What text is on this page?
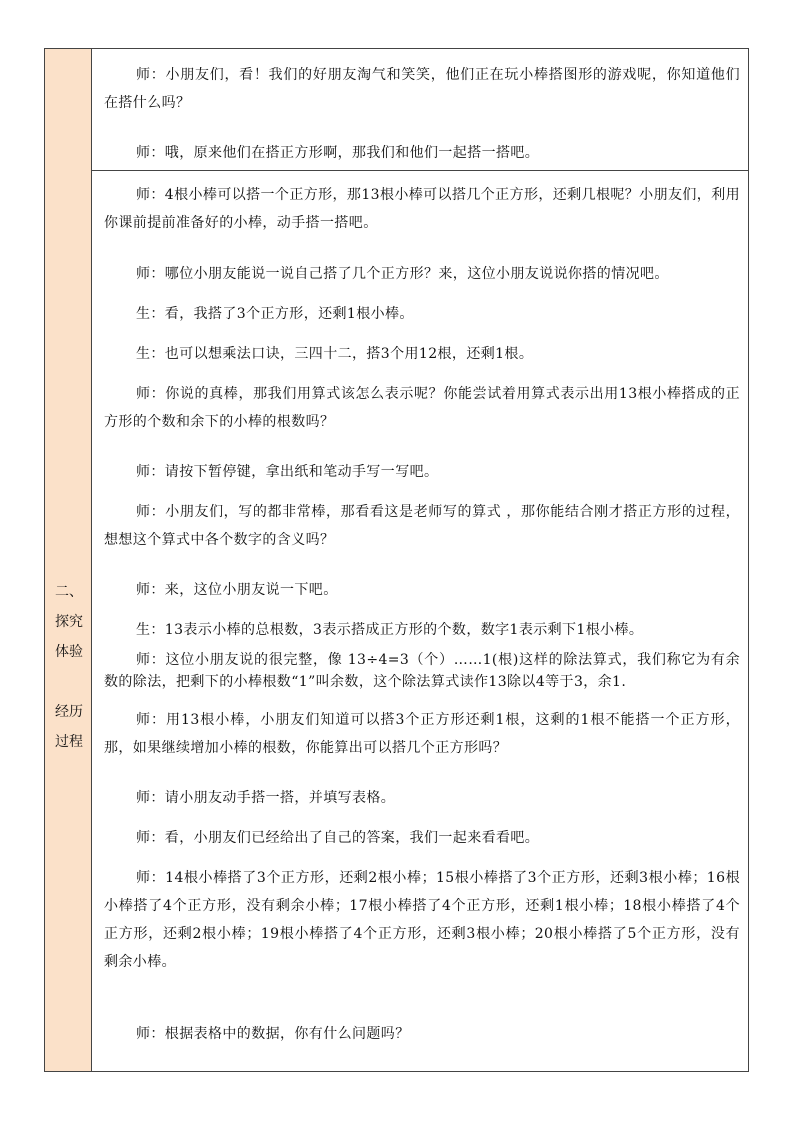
师：小朋友们，看！我们的好朋友淘气和笑笑，他们正在玩小棒搭图形的游戏呢，你知道他们在搭什么吗？

师：哦，原来他们在搭正方形啊，那我们和他们一起搭一搭吧。

二、
探究
体验
经历
过程

师：4根小棒可以搭一个正方形，那13根小棒可以搭几个正方形，还剩几根呢？小朋友们，利用你课前提前准备好的小棒，动手搭一搭吧。

师：哪位小朋友能说一说自己搭了几个正方形？来，这位小朋友说说你搭的情况吧。

生：看，我搭了3个正方形，还剩1根小棒。

生：也可以想乘法口诀，三四十二，搭3个用12根，还剩1根。

师：你说的真棒，那我们用算式该怎么表示呢？你能尝试着用算式表示出用13根小棒搭成的正方形的个数和余下的小棒的根数吗？

师：请按下暂停键，拿出纸和笔动手写一写吧。

师：小朋友们，写的都非常棒，那看看这是老师写的算式 ，那你能结合刚才搭正方形的过程，想想这个算式中各个数字的含义吗？

师：来，这位小朋友说一下吧。

生：13表示小棒的总根数，3表示搭成正方形的个数，数字1表示剩下1根小棒。

师：这位小朋友说的很完整，像 13÷4=3（个）……1(根)这样的除法算式，我们称它为有余数的除法，把剩下的小棒根数“1”叫余数，这个除法算式读作13除以4等于3，余1.

师：用13根小棒，小朋友们知道可以搭3个正方形还剩1根，这剩的1根不能搭一个正方形，那，如果继续增加小棒的根数，你能算出可以搭几个正方形吗？

师：请小朋友动手搭一搭，并填写表格。

师：看，小朋友们已经给出了自己的答案，我们一起来看看吧。

师：14根小棒搭了3个正方形，还剩2根小棒；15根小棒搭了3个正方形，还剩3根小棒；16根小棒搭了4个正方形，没有剩余小棒；17根小棒搭了4个正方形，还剩1根小棒；18根小棒搭了4个正方形，还剩2根小棒；19根小棒搭了4个正方形，还剩3根小棒；20根小棒搭了5个正方形，没有剩余小棒。

师：根据表格中的数据，你有什么问题吗？
